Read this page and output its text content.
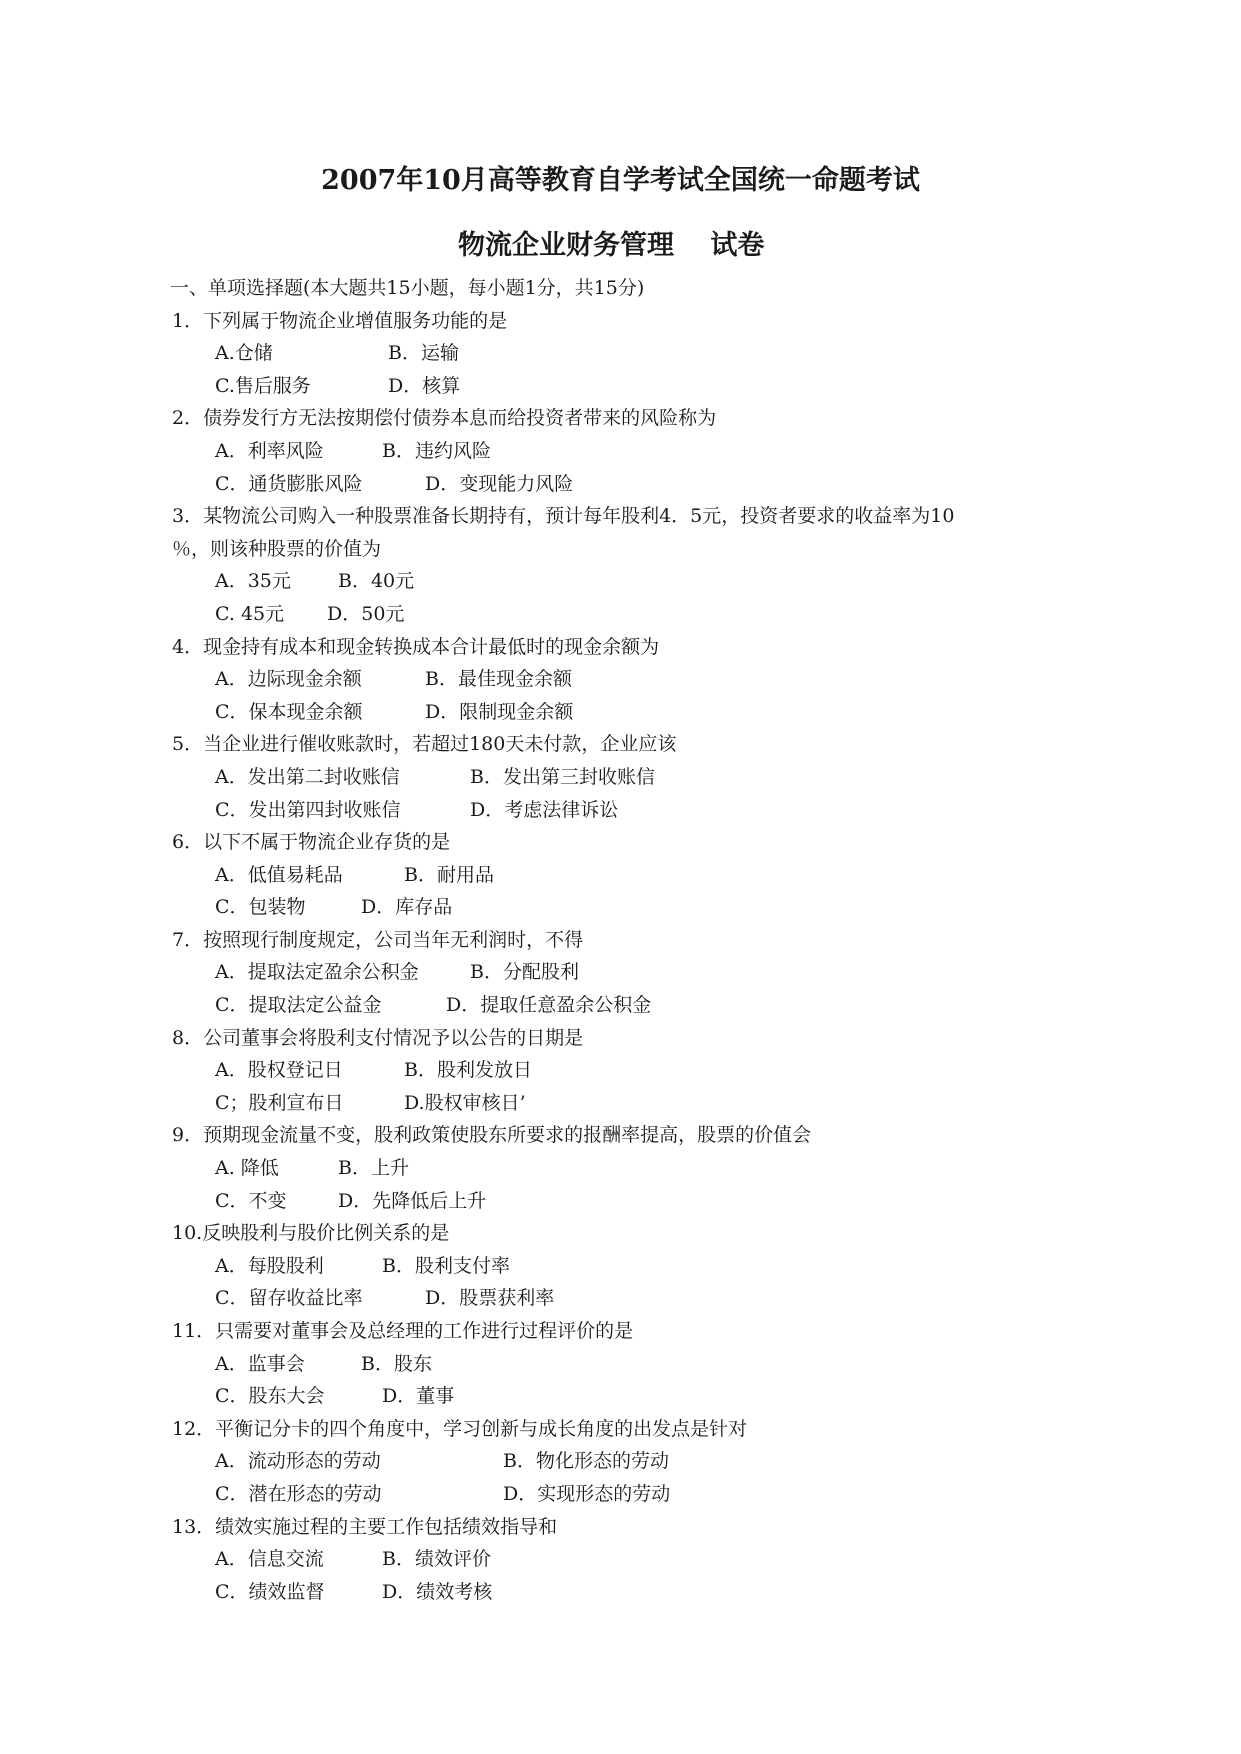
2007年10月高等教育自学考试全国统一命题考试
物流企业财务管理　 试卷
一、单项选择题(本大题共15小题，每小题1分，共15分)
1．下列属于物流企业增值服务功能的是
A.仓储	B．运输
C.售后服务	D．核算
2．债券发行方无法按期偿付债券本息而给投资者带来的风险称为
A．利率风险	B．违约风险
C．通货膨胀风险	D．变现能力风险
3．某物流公司购入一种股票准备长期持有，预计每年股利4．5元，投资者要求的收益率为10
％，则该种股票的价值为
A．35元 B．40元
C. 45元 D．50元
4．现金持有成本和现金转换成本合计最低时的现金余额为
A．边际现金余额	B．最佳现金余额
C．保本现金余额	D．限制现金余额
5．当企业进行催收账款时，若超过180天未付款，企业应该
A．发出第二封收账信	B．发出第三封收账信
C．发出第四封收账信	D．考虑法律诉讼
6．以下不属于物流企业存货的是
A．低值易耗品	B．耐用品
C．包装物	D．库存品
7．按照现行制度规定，公司当年无利润时，不得
A．提取法定盈余公积金	B．分配股利
C．提取法定公益金	D．提取任意盈余公积金
8．公司董事会将股利支付情况予以公告的日期是
A．股权登记日	B．股利发放日
C；股利宣布日	D.股权审核日’
9．预期现金流量不变，股利政策使股东所要求的报酬率提高，股票的价值会
A. 降低	B．上升
C．不变	D．先降低后上升
10.反映股利与股价比例关系的是
A．每股股利	B．股利支付率
C．留存收益比率	D．股票获利率
11．只需要对董事会及总经理的工作进行过程评价的是
A．监事会	B．股东
C．股东大会	D．董事
12．平衡记分卡的四个角度中，学习创新与成长角度的出发点是针对
A．流动形态的劳动	B．物化形态的劳动
C．潜在形态的劳动	D．实现形态的劳动
13．绩效实施过程的主要工作包括绩效指导和
A．信息交流	B．绩效评价
C．绩效监督	D．绩效考核
